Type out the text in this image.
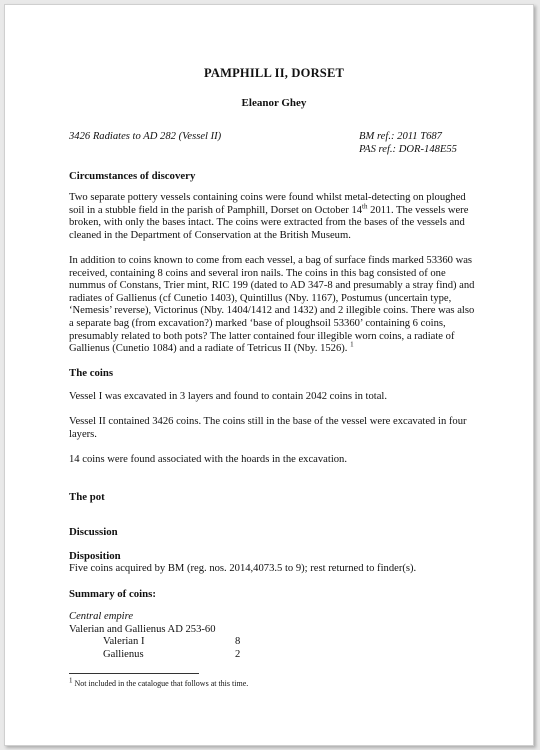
PAMPHILL II, DORSET
Eleanor Ghey
3426 Radiates to AD 282 (Vessel II)	BM ref.: 2011 T687
PAS ref.: DOR-148E55
Circumstances of discovery
Two separate pottery vessels containing coins were found whilst metal-detecting on ploughed soil in a stubble field in the parish of Pamphill, Dorset on October 14th 2011. The vessels were broken, with only the bases intact. The coins were extracted from the bases of the vessels and cleaned in the Department of Conservation at the British Museum.
In addition to coins known to come from each vessel, a bag of surface finds marked 53360 was received, containing 8 coins and several iron nails. The coins in this bag consisted of one nummus of Constans, Trier mint, RIC 199 (dated to AD 347-8 and presumably a stray find) and radiates of Gallienus (cf Cunetio 1403), Quintillus (Nby. 1167), Postumus (uncertain type, ‘Nemesis’ reverse), Victorinus (Nby. 1404/1412 and 1432) and 2 illegible coins. There was also a separate bag (from excavation?) marked ‘base of ploughsoil 53360’ containing 6 coins, presumably related to both pots? The latter contained four illegible worn coins, a radiate of Gallienus (Cunetio 1084) and a radiate of Tetricus II (Nby. 1526). $^1$
The coins
Vessel I was excavated in 3 layers and found to contain 2042 coins in total.
Vessel II contained 3426 coins. The coins still in the base of the vessel were excavated in four layers.
14 coins were found associated with the hoards in the excavation.
The pot
Discussion
Disposition
Five coins acquired by BM (reg. nos. 2014,4073.5 to 9); rest returned to finder(s).
Summary of coins:
Central empire
Valerian and Gallienus AD 253-60
Valerian I	8
Gallienus	2
1 Not included in the catalogue that follows at this time.
